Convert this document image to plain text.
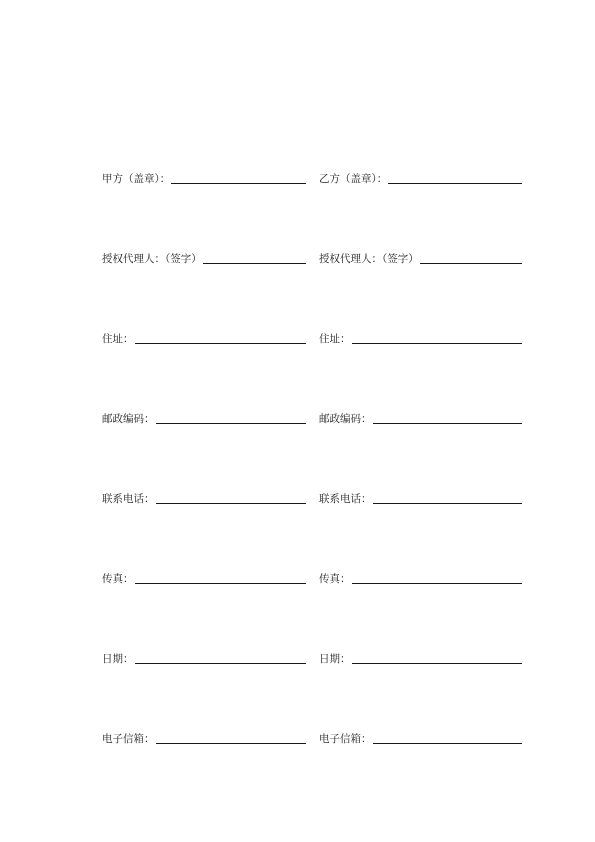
甲方（盖章）：	乙方（盖章）：
授权代理人：（签字）	授权代理人：（签字）
住址：	住址：
邮政编码：	邮政编码：
联系电话：	联系电话：
传真：	传真：
日期：	日期：
电子信箱：	电子信箱：
